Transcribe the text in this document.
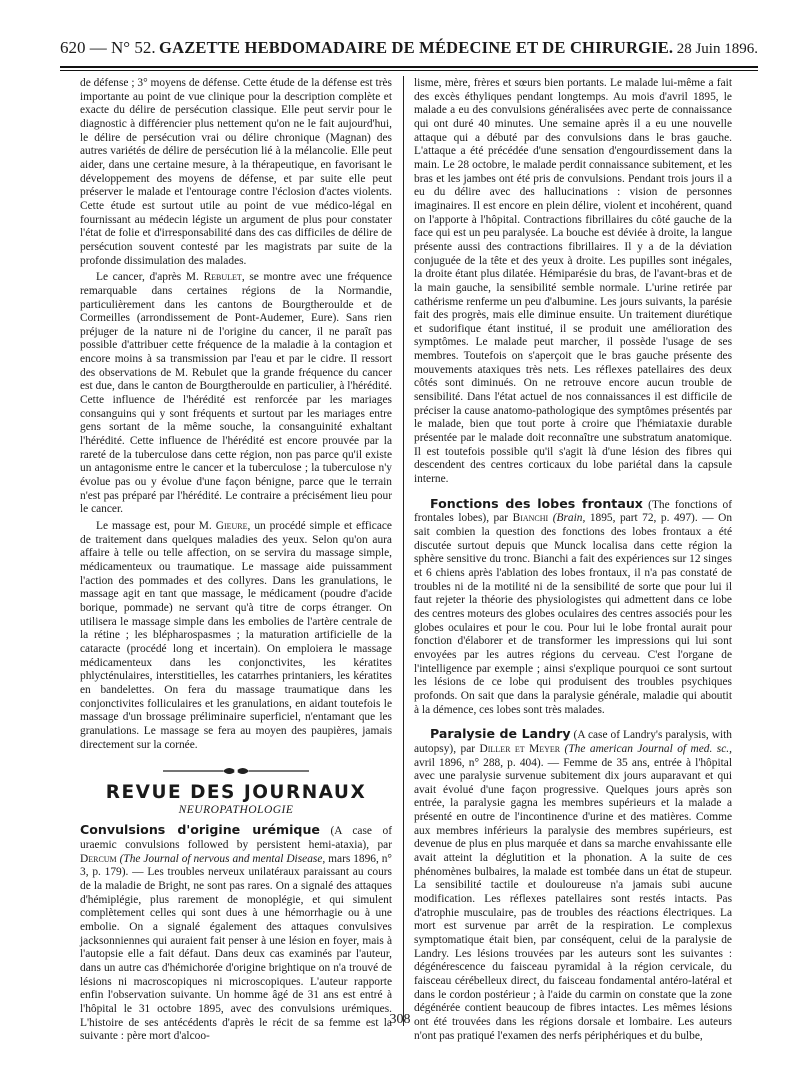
620 — N° 52. GAZETTE HEBDOMADAIRE DE MÉDECINE ET DE CHIRURGIE. 28 Juin 1896.

de défense ; 3° moyens de défense. Cette étude de la défense est très importante au point de vue clinique pour la description complète et exacte du délire de persécution classique. Elle peut servir pour le diagnostic à différencier plus nettement qu'on ne le fait aujourd'hui, le délire de persécution vrai ou délire chronique (Magnan) des autres variétés de délire de persécution lié à la mélancolie. Elle peut aider, dans une certaine mesure, à la thérapeutique, en favorisant le développement des moyens de défense, et par suite elle peut préserver le malade et l'entourage contre l'éclosion d'actes violents. Cette étude est surtout utile au point de vue médico-légal en fournissant au médecin légiste un argument de plus pour constater l'état de folie et d'irresponsabilité dans des cas difficiles de délire de persécution souvent contesté par les magistrats par suite de la profonde dissimulation des malades.

Le cancer, d'après M. Rebulet, se montre avec une fréquence remarquable dans certaines régions de la Normandie, particulièrement dans les cantons de Bourgtheroulde et de Cormeilles (arrondissement de Pont-Audemer, Eure). Sans rien préjuger de la nature ni de l'origine du cancer, il ne paraît pas possible d'attribuer cette fréquence de la maladie à la contagion et encore moins à sa transmission par l'eau et par le cidre. Il ressort des observations de M. Rebulet que la grande fréquence du cancer est due, dans le canton de Bourgtheroulde en particulier, à l'hérédité. Cette influence de l'hérédité est renforcée par les mariages consanguins qui y sont fréquents et surtout par les mariages entre gens sortant de la même souche, la consanguinité exhaltant l'hérédité. Cette influence de l'hérédité est encore prouvée par la rareté de la tuberculose dans cette région, non pas parce qu'il existe un antagonisme entre le cancer et la tuberculose ; la tuberculose n'y évolue pas ou y évolue d'une façon bénigne, parce que le terrain n'est pas préparé par l'hérédité. Le contraire a précisément lieu pour le cancer.

Le massage est, pour M. Gieure, un procédé simple et efficace de traitement dans quelques maladies des yeux. Selon qu'on aura affaire à telle ou telle affection, on se servira du massage simple, médicamenteux ou traumatique. Le massage aide puissamment l'action des pommades et des collyres. Dans les granulations, le massage agit en tant que massage, le médicament (poudre d'acide borique, pommade) ne servant qu'à titre de corps étranger. On utilisera le massage simple dans les embolies de l'artère centrale de la rétine ; les blépharospasmes ; la maturation artificielle de la cataracte (procédé long et incertain). On emploiera le massage médicamenteux dans les conjonctivites, les kératites phlycténulaires, interstitielles, les catarrhes printaniers, les kératites en bandelettes. On fera du massage traumatique dans les conjonctivites folliculaires et les granulations, en aidant toutefois le massage d'un brossage préliminaire superficiel, n'entamant que les granulations. Le massage se fera au moyen des paupières, jamais directement sur la cornée.

REVUE DES JOURNAUX
NEUROPATHOLOGIE

Convulsions d'origine urémique (A case of uraemic convulsions followed by persistent hemi-ataxia), par Dercum (The Journal of nervous and mental Disease, mars 1896, n° 3, p. 179). — Les troubles nerveux unilatéraux paraissant au cours de la maladie de Bright, ne sont pas rares. On a signalé des attaques d'hémiplégie, plus rarement de monoplégie, et qui simulent complètement celles qui sont dues à une hémorrhagie ou à une embolie. On a signalé également des attaques convulsives jacksonniennes qui auraient fait penser à une lésion en foyer, mais à l'autopsie elle a fait défaut. Dans deux cas examinés par l'auteur, dans un autre cas d'hémichorée d'origine brightique on n'a trouvé de lésions ni macroscopiques ni microscopiques. L'auteur rapporte enfin l'observation suivante. Un homme âgé de 31 ans est entré à l'hôpital le 31 octobre 1895, avec des convulsions urémiques. L'histoire de ses antécédents d'après le récit de sa femme est la suivante : père mort d'alcoo-

lisme, mère, frères et sœurs bien portants. Le malade lui-même a fait des excès éthyliques pendant longtemps. Au mois d'avril 1895, le malade a eu des convulsions généralisées avec perte de connaissance qui ont duré 40 minutes. Une semaine après il a eu une nouvelle attaque qui a débuté par des convulsions dans le bras gauche. L'attaque a été précédée d'une sensation d'engourdissement dans la main. Le 28 octobre, le malade perdit connaissance subitement, et les bras et les jambes ont été pris de convulsions. Pendant trois jours il a eu du délire avec des hallucinations : vision de personnes imaginaires. Il est encore en plein délire, violent et incohérent, quand on l'apporte à l'hôpital. Contractions fibrillaires du côté gauche de la face qui est un peu paralysée. La bouche est déviée à droite, la langue présente aussi des contractions fibrillaires. Il y a de la déviation conjuguée de la tête et des yeux à droite. Les pupilles sont inégales, la droite étant plus dilatée. Hémiparésie du bras, de l'avant-bras et de la main gauche, la sensibilité semble normale. L'urine retirée par cathérisme renferme un peu d'albumine. Les jours suivants, la parésie fait des progrès, mais elle diminue ensuite. Un traitement diurétique et sudorifique étant institué, il se produit une amélioration des symptômes. Le malade peut marcher, il possède l'usage de ses membres. Toutefois on s'aperçoit que le bras gauche présente des mouvements ataxiques très nets. Les réflexes patellaires des deux côtés sont diminués. On ne retrouve encore aucun trouble de sensibilité. Dans l'état actuel de nos connaissances il est difficile de préciser la cause anatomo-pathologique des symptômes présentés par le malade, bien que tout porte à croire que l'hémiataxie durable présentée par le malade doit reconnaître une substratum anatomique. Il est toutefois possible qu'il s'agit là d'une lésion des fibres qui descendent des centres corticaux du lobe pariétal dans la capsule interne.

Fonctions des lobes frontaux (The fonctions of frontales lobes), par Bianchi (Brain, 1895, part 72, p. 497). — On sait combien la question des fonctions des lobes frontaux a été discutée surtout depuis que Munck localisa dans cette région la sphère sensitive du tronc. Bianchi a fait des expériences sur 12 singes et 6 chiens après l'ablation des lobes frontaux, il n'a pas constaté de troubles ni de la motilité ni de la sensibilité de sorte que pour lui il faut rejeter la théorie des physiologistes qui admettent dans ce lobe des centres moteurs des globes oculaires des centres associés pour les globes oculaires et pour le cou. Pour lui le lobe frontal aurait pour fonction d'élaborer et de transformer les impressions qui lui sont envoyées par les autres régions du cerveau. C'est l'organe de l'intelligence par exemple ; ainsi s'explique pourquoi ce sont surtout les lésions de ce lobe qui produisent des troubles psychiques profonds. On sait que dans la paralysie générale, maladie qui aboutit à la démence, ces lobes sont très malades.

Paralysie de Landry (A case of Landry's paralysis, with autopsy), par Diller et Meyer (The american Journal of med. sc., avril 1896, n° 288, p. 404). — Femme de 35 ans, entrée à l'hôpital avec une paralysie survenue subitement dix jours auparavant et qui avait évolué d'une façon progressive. Quelques jours après son entrée, la paralysie gagna les membres supérieurs et la malade a présenté en outre de l'incontinence d'urine et des matières. Comme aux membres inférieurs la paralysie des membres supérieurs, est devenue de plus en plus marquée et dans sa marche envahissante elle avait atteint la déglutition et la phonation. A la suite de ces phénomènes bulbaires, la malade est tombée dans un état de stupeur. La sensibilité tactile et douloureuse n'a jamais subi aucune modification. Les réflexes patellaires sont restés intacts. Pas d'atrophie musculaire, pas de troubles des réactions électriques. La mort est survenue par arrêt de la respiration. Le complexus symptomatique était bien, par conséquent, celui de la paralysie de Landry. Les lésions trouvées par les auteurs sont les suivantes : dégénérescence du faisceau pyramidal à la région cervicale, du faisceau cérébelleux direct, du faisceau fondamental antéro-latéral et dans le cordon postérieur ; à l'aide du carmin on constate que la zone dégénérée contient beaucoup de fibres intactes. Les mêmes lésions ont été trouvées dans les régions dorsale et lombaire. Les auteurs n'ont pas pratiqué l'examen des nerfs périphériques et du bulbe,

308
